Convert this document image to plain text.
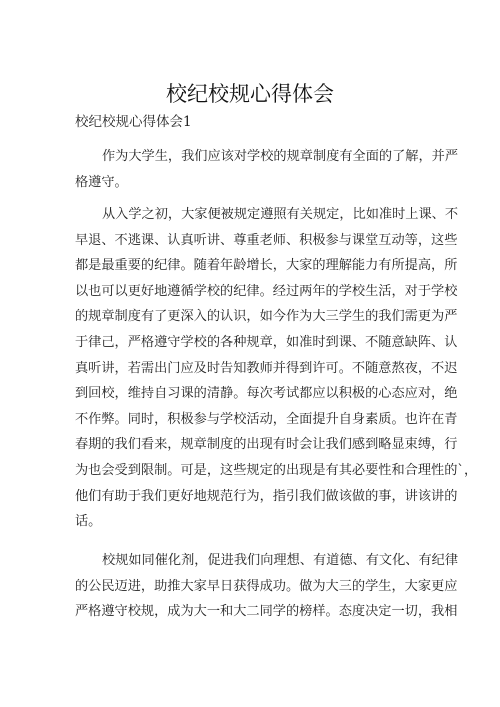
校纪校规心得体会
校纪校规心得体会1
作为大学生，我们应该对学校的规章制度有全面的了解，并严
格遵守。
从入学之初，大家便被规定遵照有关规定，比如准时上课、不
早退、不逃课、认真听讲、尊重老师、积极参与课堂互动等，这些
都是最重要的纪律。随着年龄增长，大家的理解能力有所提高，所
以也可以更好地遵循学校的纪律。经过两年的学校生活，对于学校
的规章制度有了更深入的认识，如今作为大三学生的我们需更为严
于律己，严格遵守学校的各种规章，如准时到课、不随意缺阵、认
真听讲，若需出门应及时告知教师并得到许可。不随意熬夜，不迟
到回校，维持自习课的清静。每次考试都应以积极的心态应对，绝
不作弊。同时，积极参与学校活动，全面提升自身素质。也许在青
春期的我们看来，规章制度的出现有时会让我们感到略显束缚，行
为也会受到限制。可是，这些规定的出现是有其必要性和合理性的`，
他们有助于我们更好地规范行为，指引我们做该做的事，讲该讲的
话。
校规如同催化剂，促进我们向理想、有道德、有文化、有纪律
的公民迈进，助推大家早日获得成功。做为大三的学生，大家更应
严格遵守校规，成为大一和大二同学的榜样。态度决定一切，我相
